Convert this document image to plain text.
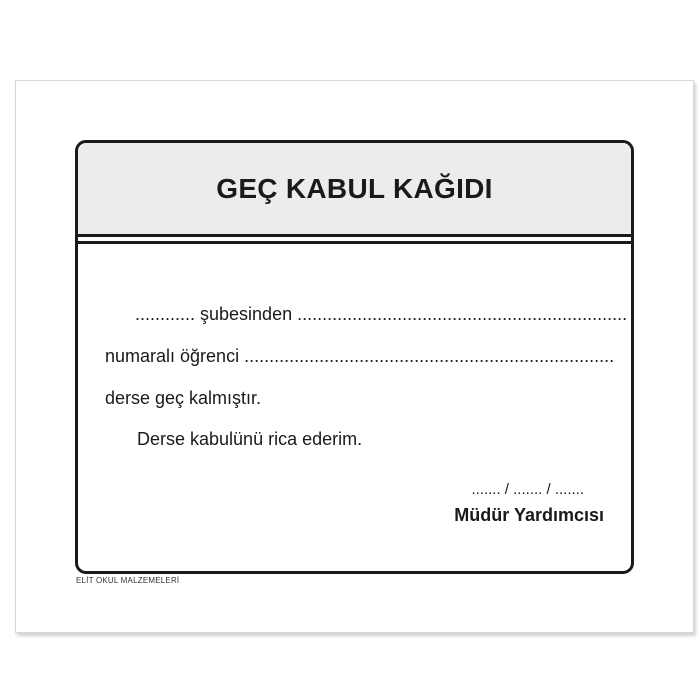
GEÇ KABUL KAĞIDI
............ şubesinden ..................................................................
numaralı öğrenci ..........................................................................
derse geç kalmıştır.
Derse kabulünü rica ederim.
....... / ....... / .......
Müdür Yardımcısı
ELİT OKUL MALZEMELERİ
